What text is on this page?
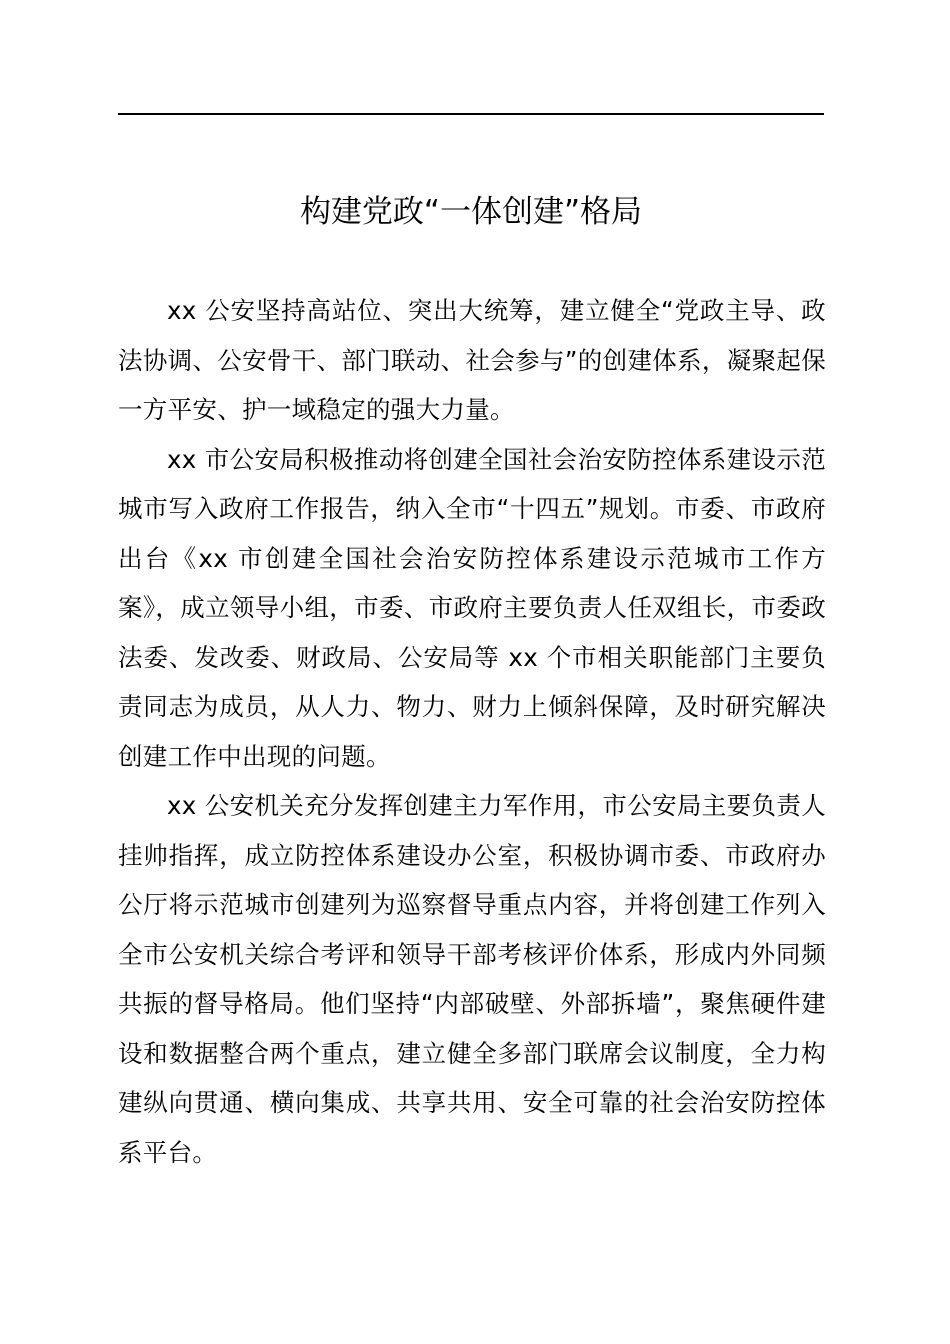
构建党政“一体创建”格局

xx 公安坚持高站位、突出大统筹，建立健全“党政主导、政法协调、公安骨干、部门联动、社会参与”的创建体系，凝聚起保一方平安、护一域稳定的强大力量。

xx 市公安局积极推动将创建全国社会治安防控体系建设示范城市写入政府工作报告，纳入全市“十四五”规划。市委、市政府出台《xx 市创建全国社会治安防控体系建设示范城市工作方案》，成立领导小组，市委、市政府主要负责人任双组长，市委政法委、发改委、财政局、公安局等 xx 个市相关职能部门主要负责同志为成员，从人力、物力、财力上倾斜保障，及时研究解决创建工作中出现的问题。

xx 公安机关充分发挥创建主力军作用，市公安局主要负责人挂帅指挥，成立防控体系建设办公室，积极协调市委、市政府办公厅将示范城市创建列为巡察督导重点内容，并将创建工作列入全市公安机关综合考评和领导干部考核评价体系，形成内外同频共振的督导格局。他们坚持“内部破壁、外部拆墙”，聚焦硬件建设和数据整合两个重点，建立健全多部门联席会议制度，全力构建纵向贯通、横向集成、共享共用、安全可靠的社会治安防控体系平台。
